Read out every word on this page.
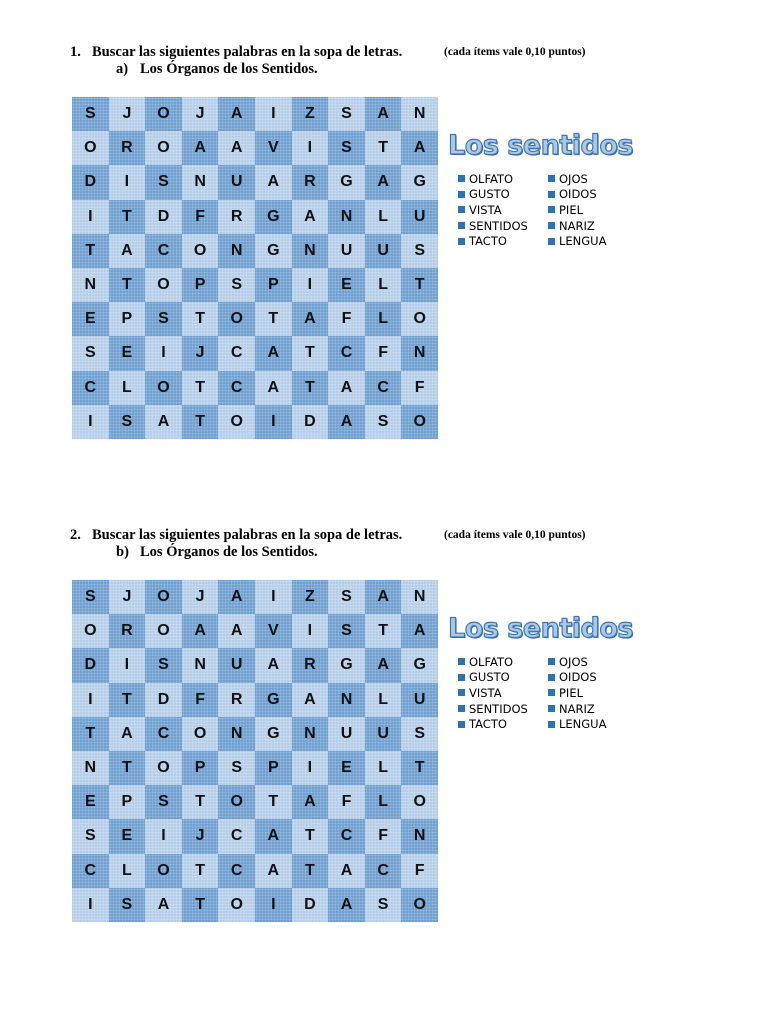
1. Buscar las siguientes palabras en la sopa de letras.	(cada ítems vale 0,10 puntos)
a) Los Órganos de los Sentidos.
S	J	O	J	A	I	Z	S	A	N
O	R	O	A	A	V	I	S	T	A
D	I	S	N	U	A	R	G	A	G
I	T	D	F	R	G	A	N	L	U
T	A	C	O	N	G	N	U	U	S
N	T	O	P	S	P	I	E	L	T
E	P	S	T	O	T	A	F	L	O
S	E	I	J	C	A	T	C	F	N
C	L	O	T	C	A	T	A	C	F
I	S	A	T	O	I	D	A	S	O
Los sentidos
OLFATO
GUSTO
VISTA
SENTIDOS
TACTO
OJOS
OIDOS
PIEL
NARIZ
LENGUA
2. Buscar las siguientes palabras en la sopa de letras.	(cada ítems vale 0,10 puntos)
b) Los Órganos de los Sentidos.
S	J	O	J	A	I	Z	S	A	N
O	R	O	A	A	V	I	S	T	A
D	I	S	N	U	A	R	G	A	G
I	T	D	F	R	G	A	N	L	U
T	A	C	O	N	G	N	U	U	S
N	T	O	P	S	P	I	E	L	T
E	P	S	T	O	T	A	F	L	O
S	E	I	J	C	A	T	C	F	N
C	L	O	T	C	A	T	A	C	F
I	S	A	T	O	I	D	A	S	O
Los sentidos
OLFATO
GUSTO
VISTA
SENTIDOS
TACTO
OJOS
OIDOS
PIEL
NARIZ
LENGUA
